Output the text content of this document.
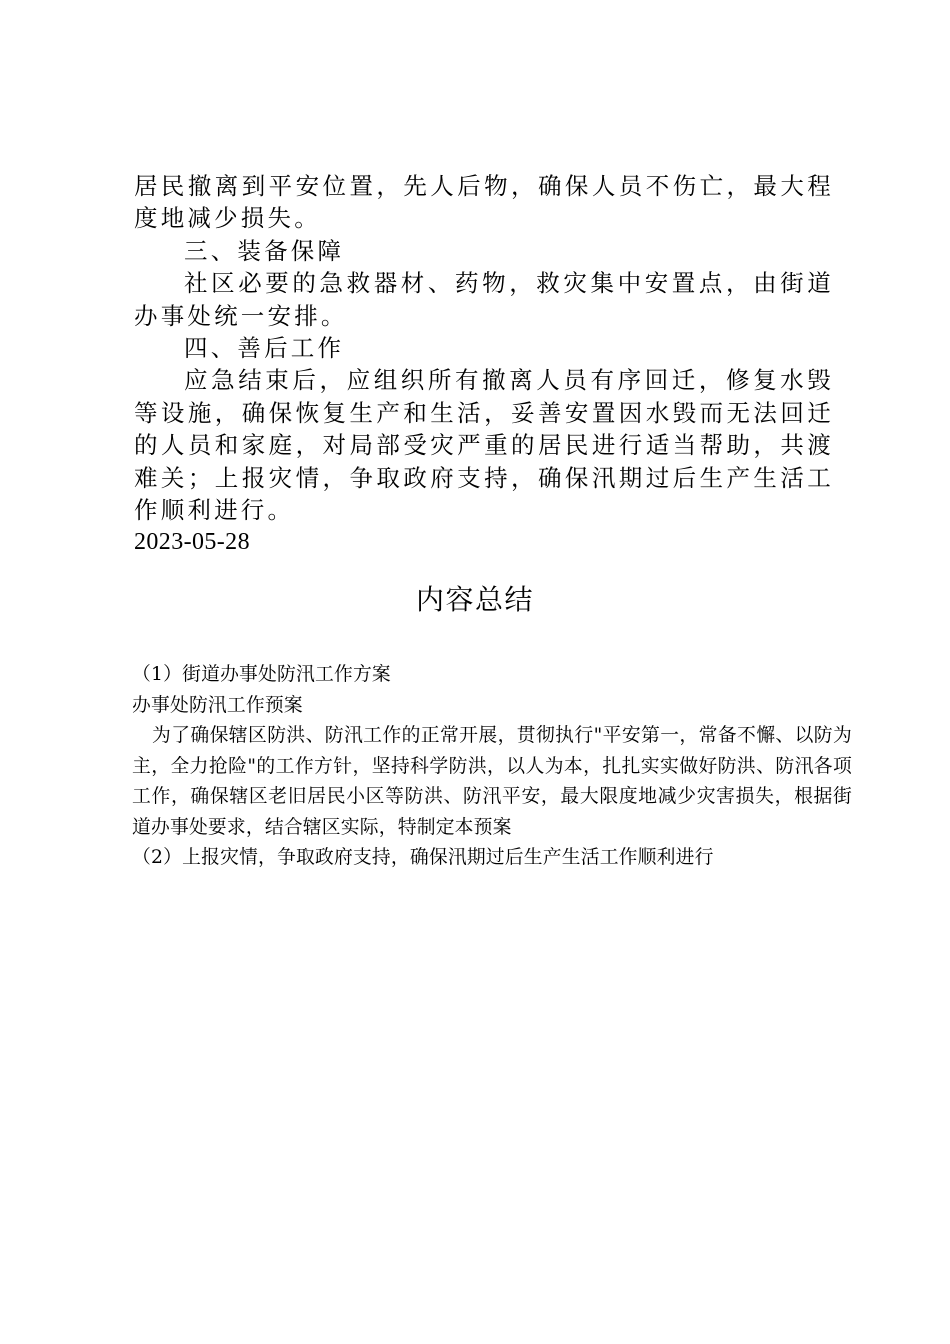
居民撤离到平安位置，先人后物，确保人员不伤亡，最大程度地减少损失。

三、装备保障

社区必要的急救器材、药物，救灾集中安置点，由街道办事处统一安排。

四、善后工作

应急结束后，应组织所有撤离人员有序回迁，修复水毁等设施，确保恢复生产和生活，妥善安置因水毁而无法回迁的人员和家庭，对局部受灾严重的居民进行适当帮助，共渡难关；上报灾情，争取政府支持，确保汛期过后生产生活工作顺利进行。

2023-05-28

内容总结

（1）街道办事处防汛工作方案

办事处防汛工作预案

为了确保辖区防洪、防汛工作的正常开展，贯彻执行"平安第一，常备不懈、以防为主，全力抢险"的工作方针，坚持科学防洪，以人为本，扎扎实实做好防洪、防汛各项工作，确保辖区老旧居民小区等防洪、防汛平安，最大限度地减少灾害损失，根据街道办事处要求，结合辖区实际，特制定本预案

（2）上报灾情，争取政府支持，确保汛期过后生产生活工作顺利进行
